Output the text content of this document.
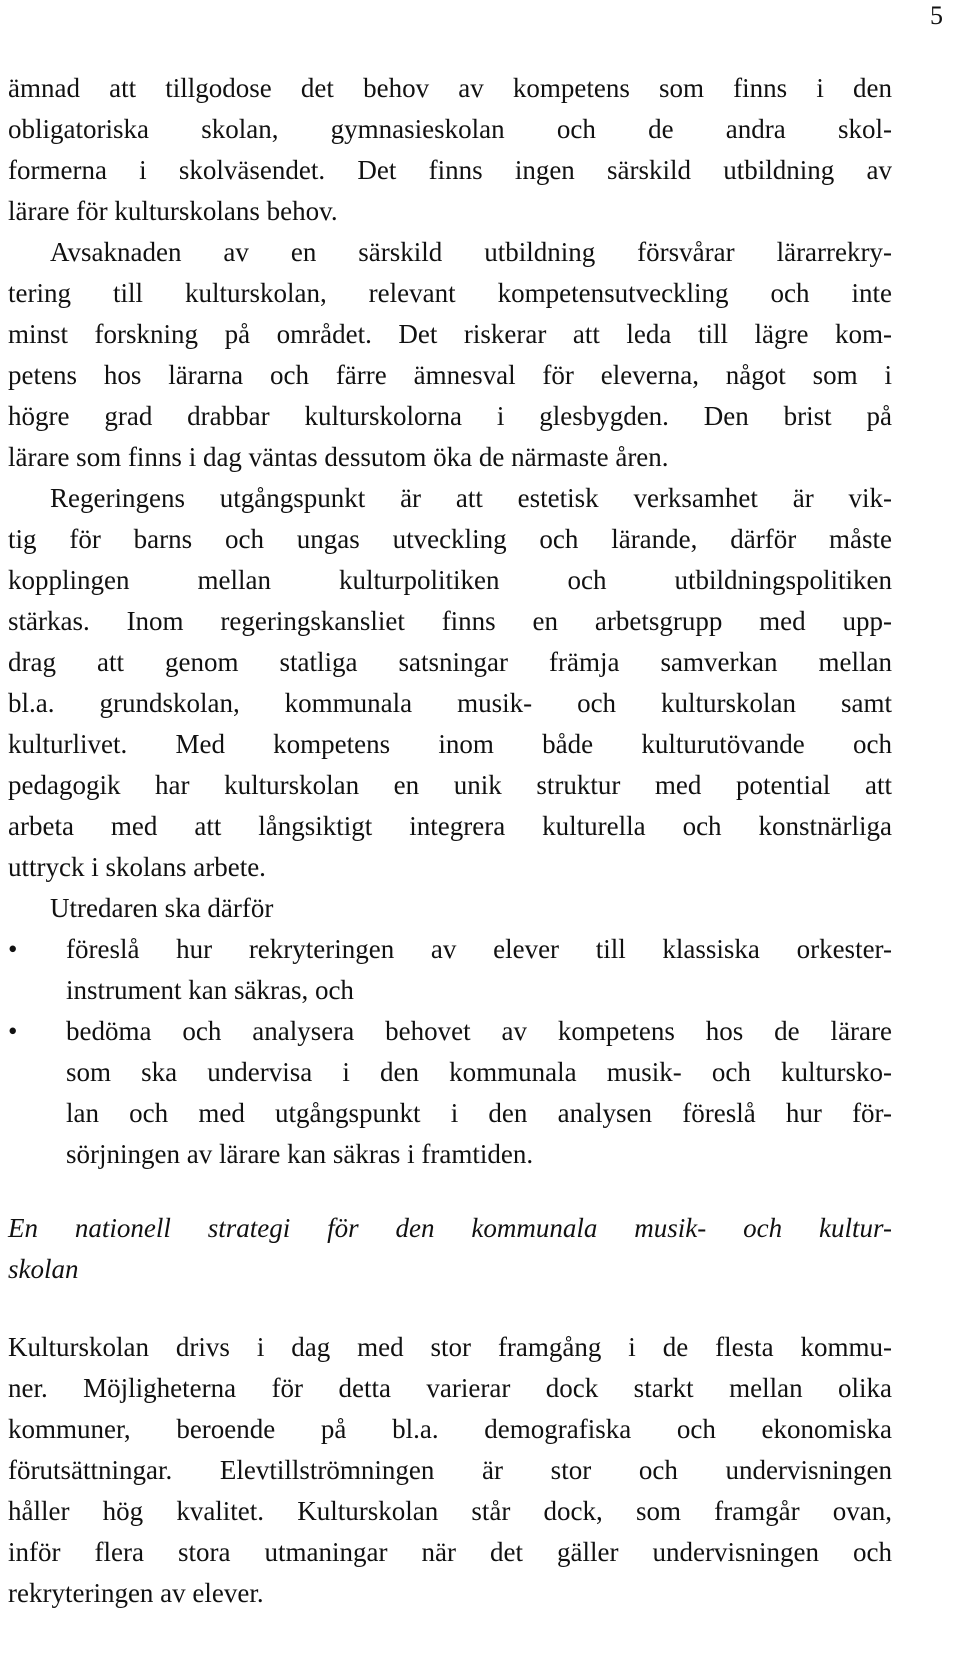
5
ämnad att tillgodose det behov av kompetens som finns i den
obligatoriska skolan, gymnasieskolan och de andra skol-
formerna i skolväsendet. Det finns ingen särskild utbildning av
lärare för kulturskolans behov.
Avsaknaden av en särskild utbildning försvårar lärarrekry-
tering till kulturskolan, relevant kompetensutveckling och inte
minst forskning på området. Det riskerar att leda till lägre kom-
petens hos lärarna och färre ämnesval för eleverna, något som i
högre grad drabbar kulturskolorna i glesbygden. Den brist på
lärare som finns i dag väntas dessutom öka de närmaste åren.
Regeringens utgångspunkt är att estetisk verksamhet är vik-
tig för barns och ungas utveckling och lärande, därför måste
kopplingen mellan kulturpolitiken och utbildningspolitiken
stärkas. Inom regeringskansliet finns en arbetsgrupp med upp-
drag att genom statliga satsningar främja samverkan mellan
bl.a. grundskolan, kommunala musik- och kulturskolan samt
kulturlivet. Med kompetens inom både kulturutövande och
pedagogik har kulturskolan en unik struktur med potential att
arbeta med att långsiktigt integrera kulturella och konstnärliga
uttryck i skolans arbete.
Utredaren ska därför
•	föreslå hur rekryteringen av elever till klassiska orkester-
instrument kan säkras, och
•	bedöma och analysera behovet av kompetens hos de lärare
som ska undervisa i den kommunala musik- och kultursko-
lan och med utgångspunkt i den analysen föreslå hur för-
sörjningen av lärare kan säkras i framtiden.
En nationell strategi för den kommunala musik- och kultur-
skolan
Kulturskolan drivs i dag med stor framgång i de flesta kommu-
ner. Möjligheterna för detta varierar dock starkt mellan olika
kommuner, beroende på bl.a. demografiska och ekonomiska
förutsättningar. Elevtillströmningen är stor och undervisningen
håller hög kvalitet. Kulturskolan står dock, som framgår ovan,
inför flera stora utmaningar när det gäller undervisningen och
rekryteringen av elever.
